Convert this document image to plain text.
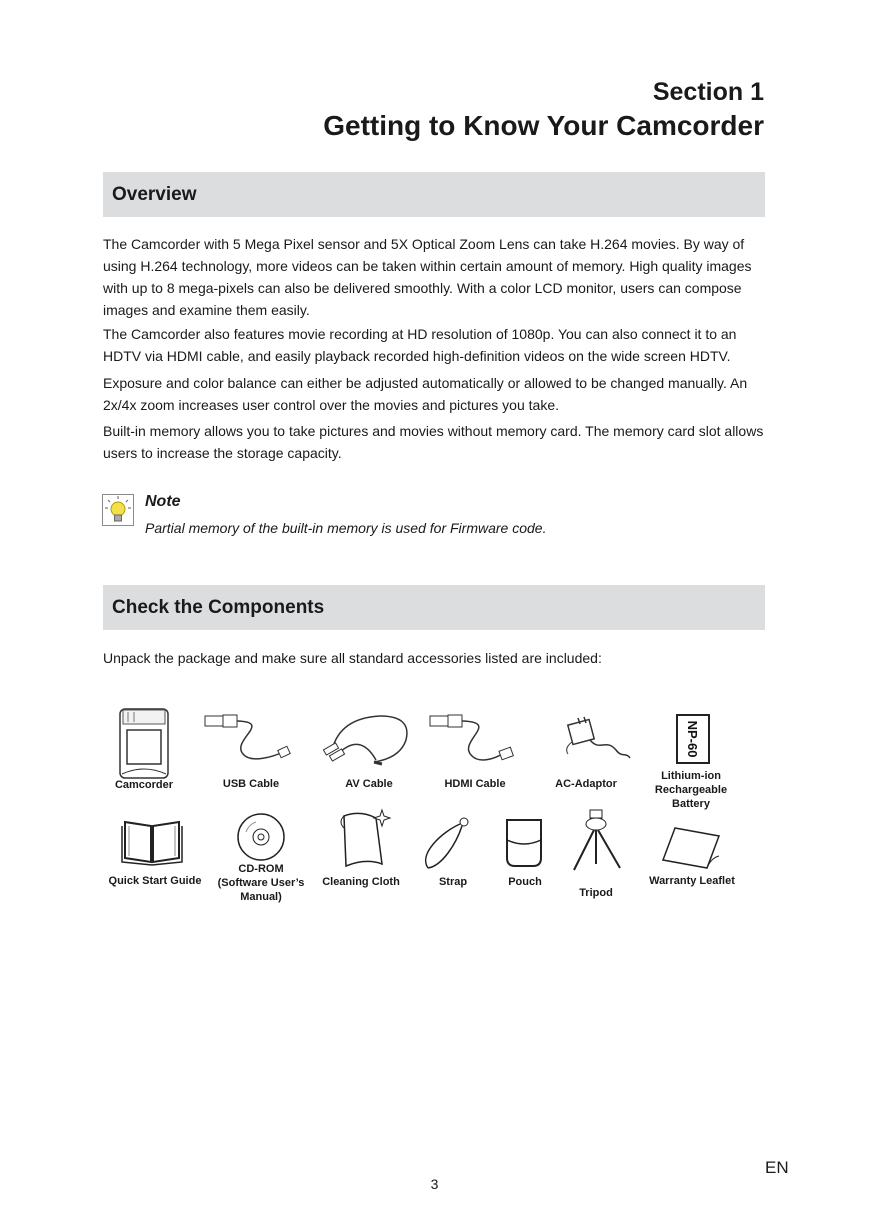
Section 1
Getting to Know Your Camcorder
Overview
The Camcorder with 5 Mega Pixel sensor and 5X Optical Zoom Lens can take H.264 movies. By way of using H.264 technology, more videos can be taken within certain amount of memory. High quality images with up to 8 mega-pixels can also be delivered smoothly. With a color LCD monitor, users can compose images and examine them easily.
The Camcorder also features movie recording at HD resolution of 1080p. You can also connect it to an HDTV via HDMI cable, and easily playback recorded high-definition videos on the wide screen HDTV.
Exposure and color balance can either be adjusted automatically or allowed to be changed manually. An 2x/4x zoom increases user control over the movies and pictures you take.
Built-in memory allows you to take pictures and movies without memory card. The memory card slot allows users to increase the storage capacity.
Note
Partial memory of the built-in memory is used for Firmware code.
Check the Components
Unpack the package and make sure all standard accessories listed are included:
NP-60
Camcorder	USB Cable	AV Cable	HDMI Cable	AC-Adaptor
Lithium-ion Rechargeable Battery
Quick Start Guide
CD-ROM (Software User’s Manual)
Cleaning Cloth	Strap	Pouch
Tripod
Warranty Leaflet
EN
3
